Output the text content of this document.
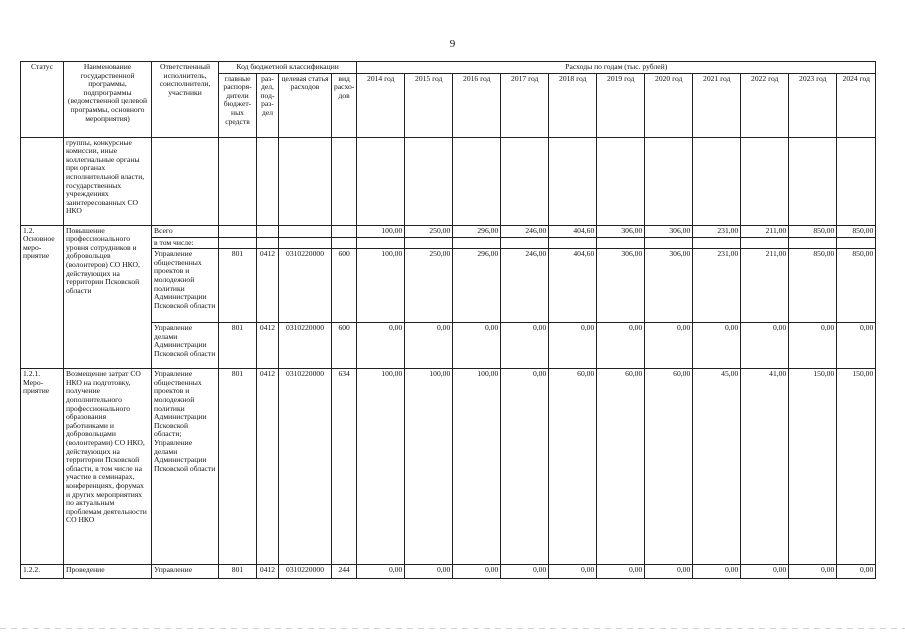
9
Статус	Наименование государственной программы, подпрограммы (ведомственной целевой программы, основного мероприятия)	Ответственный исполнитель, соисполнители, участники	Код бюджетной классификации				Расходы по годам (тыс. рублей)										
			главные распоря-дители бюджет-ных средств	раз-дел, под-раз-дел	целевая статья расходов	вид расхо-дов	2014 год	2015 год	2016 год	2017 год	2018 год	2019 год	2020 год	2021 год	2022 год	2023 год	2024 год
	группы, конкурсные комиссии, иные коллегиальные органы при органах исполнительной власти, государственных учреждениях заинтересованных СО НКО																
1.2. Основное меро-приятие	Повышение профессионального уровня сотрудников и добровольцев (волонтеров) СО НКО, действующих на территории Псковской области	Всего					100,00	250,00	296,00	246,00	404,60	306,00	306,00	231,00	211,00	850,00	850,00
		в том числе:															
		Управление общественных проектов и молодежной политики Администрации Псковской области	801	0412	0310220000	600	100,00	250,00	296,00	246,00	404,60	306,00	306,00	231,00	211,00	850,00	850,00
		Управление делами Администрации Псковской области	801	0412	0310220000	600	0,00	0,00	0,00	0,00	0,00	0,00	0,00	0,00	0,00	0,00	0,00
1.2.1. Меро-приятие	Возмещение затрат СО НКО на подготовку, получение дополнительного профессионального образования работниками и добровольцами (волонтерами) СО НКО, действующих на территории Псковской области, в том числе на участие в семинарах, конференциях, форумах и других мероприятиях по актуальным проблемам деятельности СО НКО	Управление общественных проектов и молодежной политики Администрации Псковской области; Управление делами Администрации Псковской области	801	0412	0310220000	634	100,00	100,00	100,00	0,00	60,00	60,00	60,00	45,00	41,00	150,00	150,00
1.2.2.	Проведение	Управление	801	0412	0310220000	244	0,00	0,00	0,00	0,00	0,00	0,00	0,00	0,00	0,00	0,00	0,00
